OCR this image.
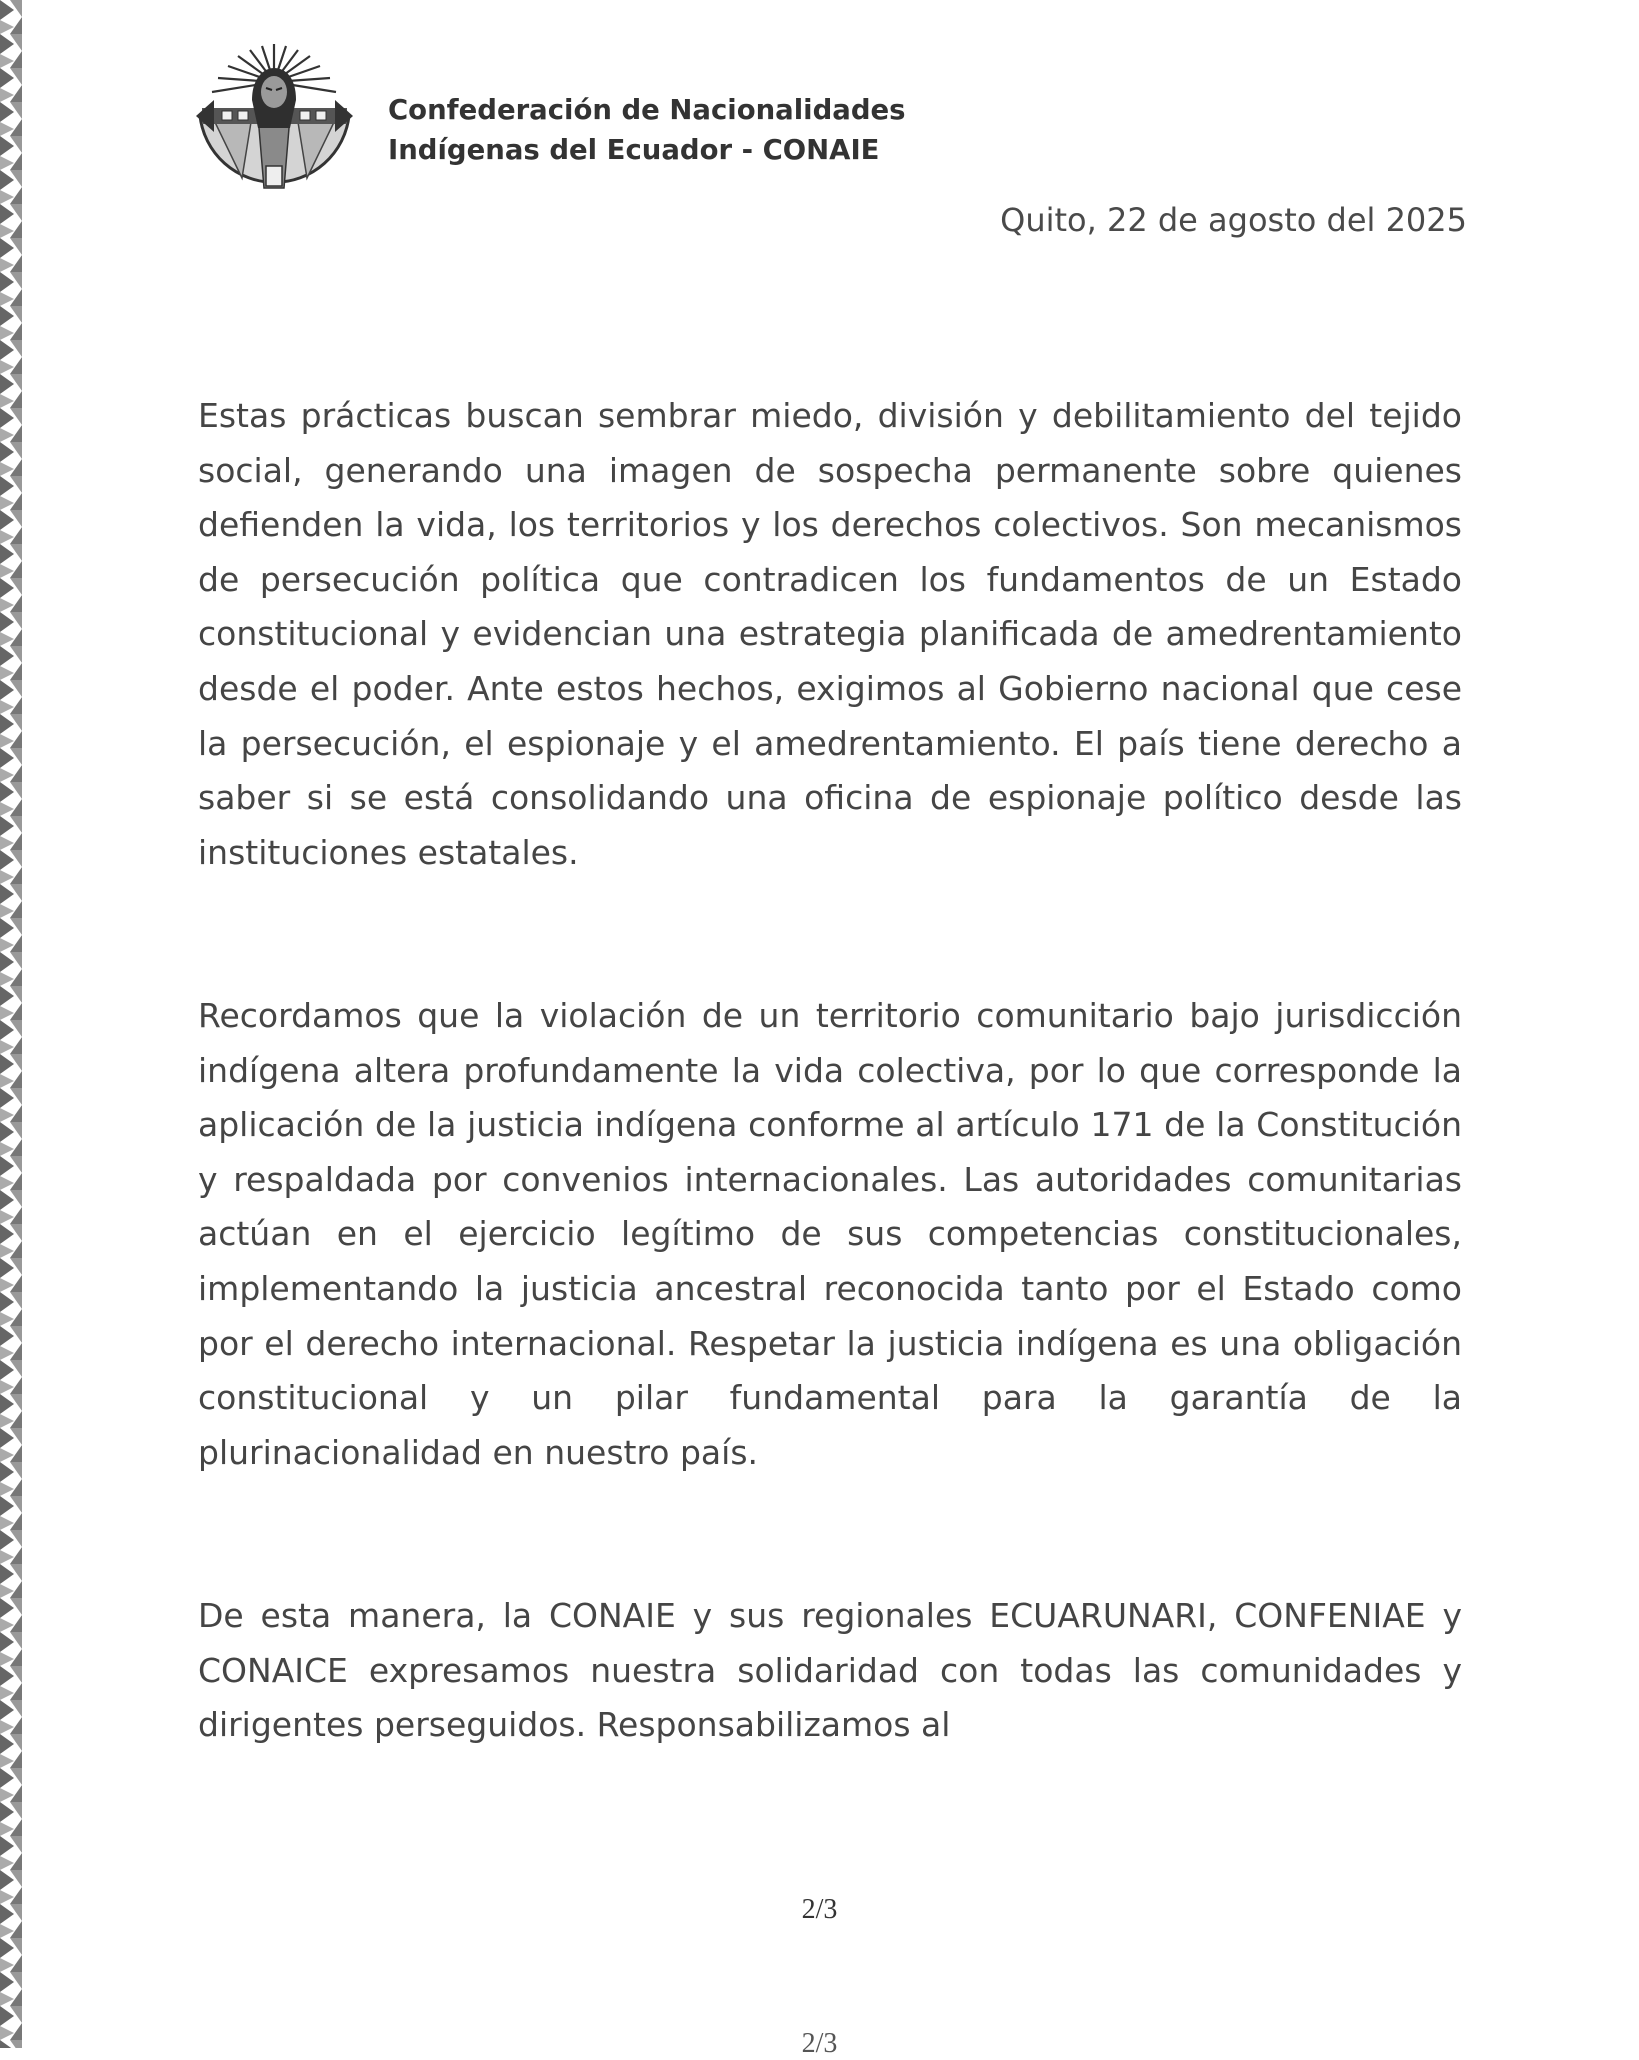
Confederación de Nacionalidades
Indígenas del Ecuador - CONAIE
Quito, 22 de agosto del 2025

Estas prácticas buscan sembrar miedo, división y debilitamiento del tejido social, generando una imagen de sospecha permanente sobre quienes defienden la vida, los territorios y los derechos colectivos. Son mecanismos de persecución política que contradicen los fundamentos de un Estado constitucional y evidencian una estrategia planificada de amedrentamiento desde el poder. Ante estos hechos, exigimos al Gobierno nacional que cese la persecución, el espionaje y el amedrentamiento. El país tiene derecho a saber si se está consolidando una oficina de espionaje político desde las instituciones estatales.

Recordamos que la violación de un territorio comunitario bajo jurisdicción indígena altera profundamente la vida colectiva, por lo que corresponde la aplicación de la justicia indígena conforme al artículo 171 de la Constitución y respaldada por convenios internacionales. Las autoridades comunitarias actúan en el ejercicio legítimo de sus competencias constitucionales, implementando la justicia ancestral reconocida tanto por el Estado como por el derecho internacional. Respetar la justicia indígena es una obligación constitucional y un pilar fundamental para la garantía de la plurinacionalidad en nuestro país.

De esta manera, la CONAIE y sus regionales ECUARUNARI, CONFENIAE y CONAICE expresamos nuestra solidaridad con todas las comunidades y dirigentes perseguidos. Responsabilizamos al

2/3
2/3
